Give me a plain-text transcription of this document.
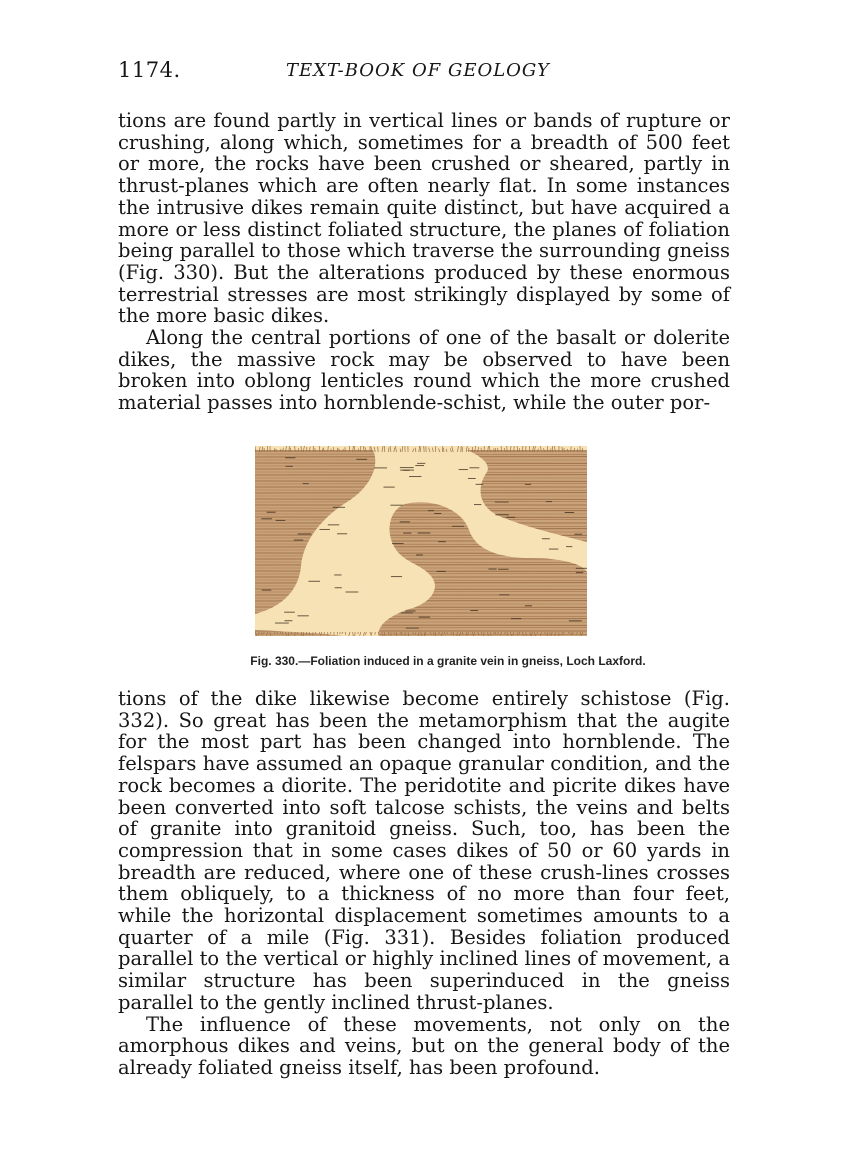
1174.	TEXT-BOOK OF GEOLOGY

tions are found partly in vertical lines or bands of rupture or crushing, along which, sometimes for a breadth of 500 feet or more, the rocks have been crushed or sheared, partly in thrust-planes which are often nearly flat. In some instances the intrusive dikes remain quite distinct, but have acquired a more or less distinct foliated structure, the planes of foliation being parallel to those which traverse the surrounding gneiss (Fig. 330). But the alterations produced by these enormous terrestrial stresses are most strikingly displayed by some of the more basic dikes.

Along the central portions of one of the basalt or dolerite dikes, the massive rock may be observed to have been broken into oblong lenticles round which the more crushed material passes into hornblende-schist, while the outer por-

Fig. 330.—Foliation induced in a granite vein in gneiss, Loch Laxford.

tions of the dike likewise become entirely schistose (Fig. 332). So great has been the metamorphism that the augite for the most part has been changed into hornblende. The felspars have assumed an opaque granular condition, and the rock becomes a diorite. The peridotite and picrite dikes have been converted into soft talcose schists, the veins and belts of granite into granitoid gneiss. Such, too, has been the compression that in some cases dikes of 50 or 60 yards in breadth are reduced, where one of these crush-lines crosses them obliquely, to a thickness of no more than four feet, while the horizontal displacement sometimes amounts to a quarter of a mile (Fig. 331). Besides foliation produced parallel to the vertical or highly inclined lines of movement, a similar structure has been superinduced in the gneiss parallel to the gently inclined thrust-planes.

The influence of these movements, not only on the amorphous dikes and veins, but on the general body of the already foliated gneiss itself, has been profound.
